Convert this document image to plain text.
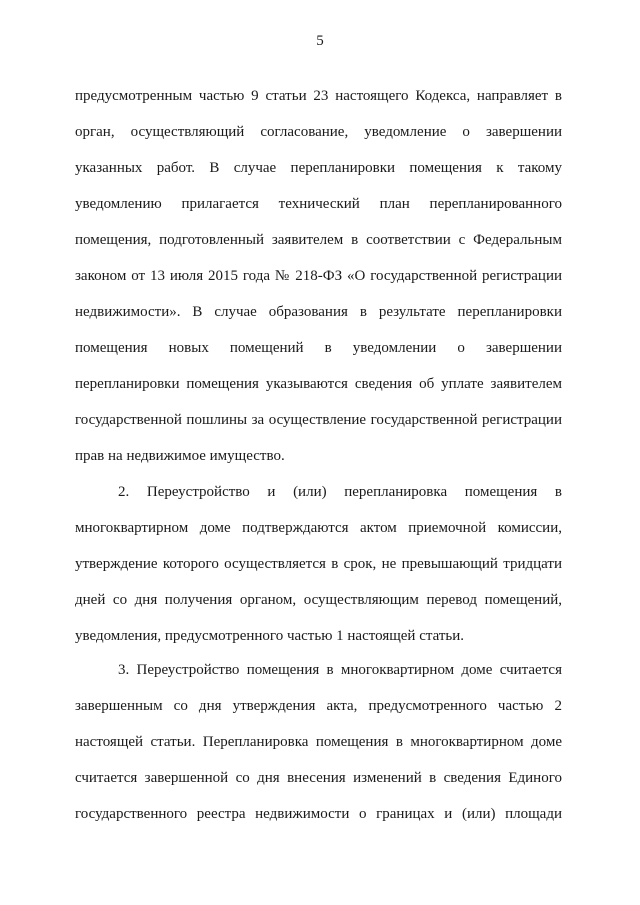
5

предусмотренным частью 9 статьи 23 настоящего Кодекса, направляет в орган, осуществляющий согласование, уведомление о завершении указанных работ. В случае перепланировки помещения к такому уведомлению прилагается технический план перепланированного помещения, подготовленный заявителем в соответствии с Федеральным законом от 13 июля 2015 года № 218-ФЗ «О государственной регистрации недвижимости». В случае образования в результате перепланировки помещения новых помещений в уведомлении о завершении перепланировки помещения указываются сведения об уплате заявителем государственной пошлины за осуществление государственной регистрации прав на недвижимое имущество.

2. Переустройство и (или) перепланировка помещения в многоквартирном доме подтверждаются актом приемочной комиссии, утверждение которого осуществляется в срок, не превышающий тридцати дней со дня получения органом, осуществляющим перевод помещений, уведомления, предусмотренного частью 1 настоящей статьи.

3. Переустройство помещения в многоквартирном доме считается завершенным со дня утверждения акта, предусмотренного частью 2 настоящей статьи. Перепланировка помещения в многоквартирном доме считается завершенной со дня внесения изменений в сведения Единого государственного реестра недвижимости о границах и (или) площади
